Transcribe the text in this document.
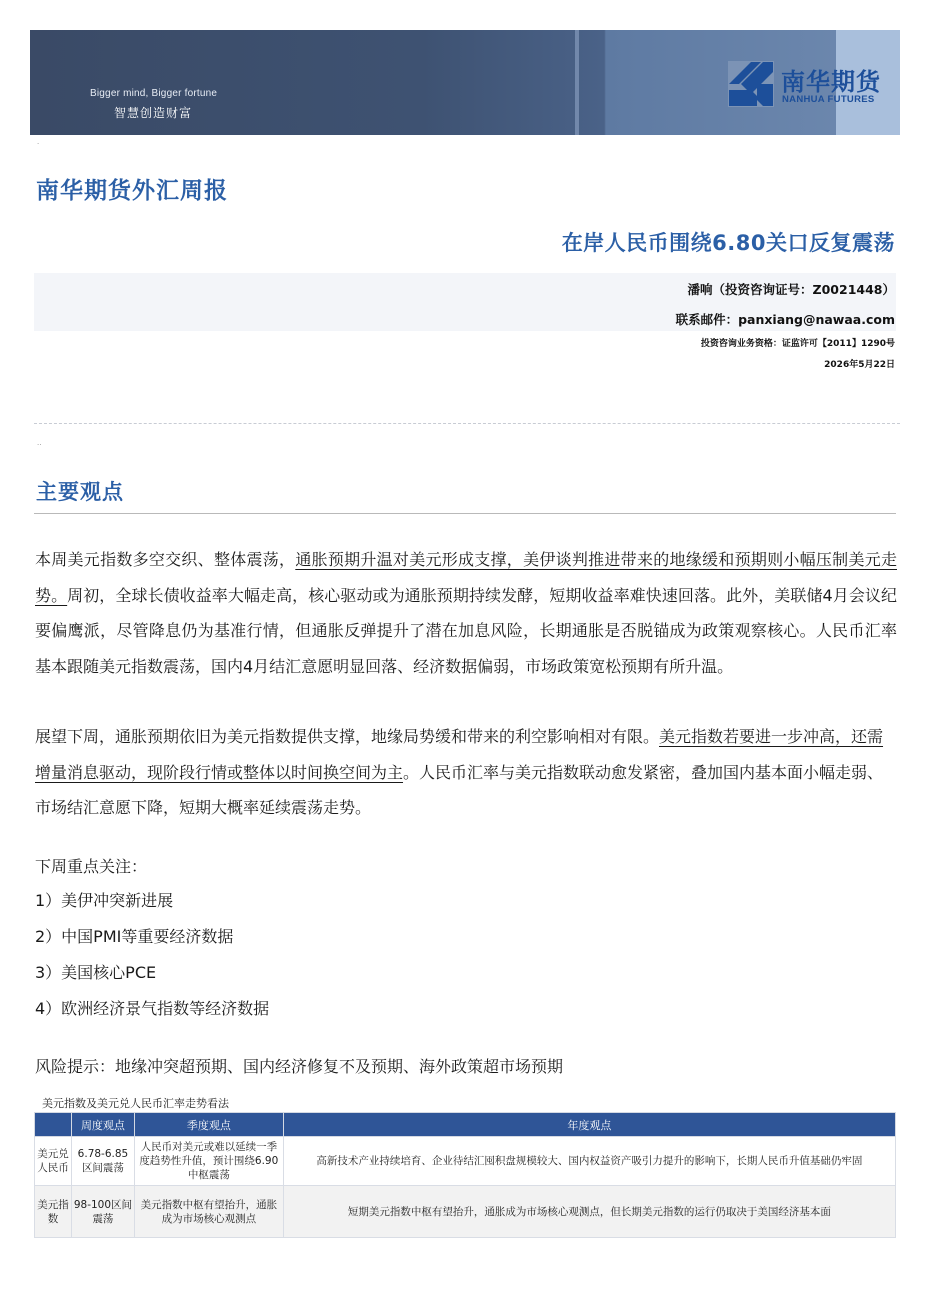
Bigger mind, Bigger fortune
智慧创造财富
南华期货
NANHUA FUTURES
·
南华期货外汇周报
在岸人民币围绕6.80关口反复震荡
潘响（投资咨询证号：Z0021448）
联系邮件：panxiang@nawaa.com
投资咨询业务资格：证监许可【2011】1290号
2026年5月22日
··
主要观点
本周美元指数多空交织、整体震荡，通胀预期升温对美元形成支撑，美伊谈判推进带来的地缘缓和预期则小幅压制美元走势。周初，全球长债收益率大幅走高，核心驱动或为通胀预期持续发酵，短期收益率难快速回落。此外，美联储4月会议纪要偏鹰派，尽管降息仍为基准行情，但通胀反弹提升了潜在加息风险，长期通胀是否脱锚成为政策观察核心。人民币汇率基本跟随美元指数震荡，国内4月结汇意愿明显回落、经济数据偏弱，市场政策宽松预期有所升温。
展望下周，通胀预期依旧为美元指数提供支撑，地缘局势缓和带来的利空影响相对有限。美元指数若要进一步冲高，还需增量消息驱动，现阶段行情或整体以时间换空间为主。人民币汇率与美元指数联动愈发紧密，叠加国内基本面小幅走弱、市场结汇意愿下降，短期大概率延续震荡走势。
下周重点关注：
1）美伊冲突新进展
2）中国PMI等重要经济数据
3）美国核心PCE
4）欧洲经济景气指数等经济数据
风险提示：地缘冲突超预期、国内经济修复不及预期、海外政策超市场预期
美元指数及美元兑人民币汇率走势看法
	周度观点	季度观点	年度观点
美元兑人民币	6.78-6.85区间震荡	人民币对美元或难以延续一季度趋势性升值，预计围绕6.90中枢震荡	高新技术产业持续培育、企业待结汇囤积盘规模较大、国内权益资产吸引力提升的影响下，长期人民币升值基础仍牢固
美元指数	98-100区间震荡	美元指数中枢有望抬升，通胀成为市场核心观测点	短期美元指数中枢有望抬升，通胀成为市场核心观测点，但长期美元指数的运行仍取决于美国经济基本面
